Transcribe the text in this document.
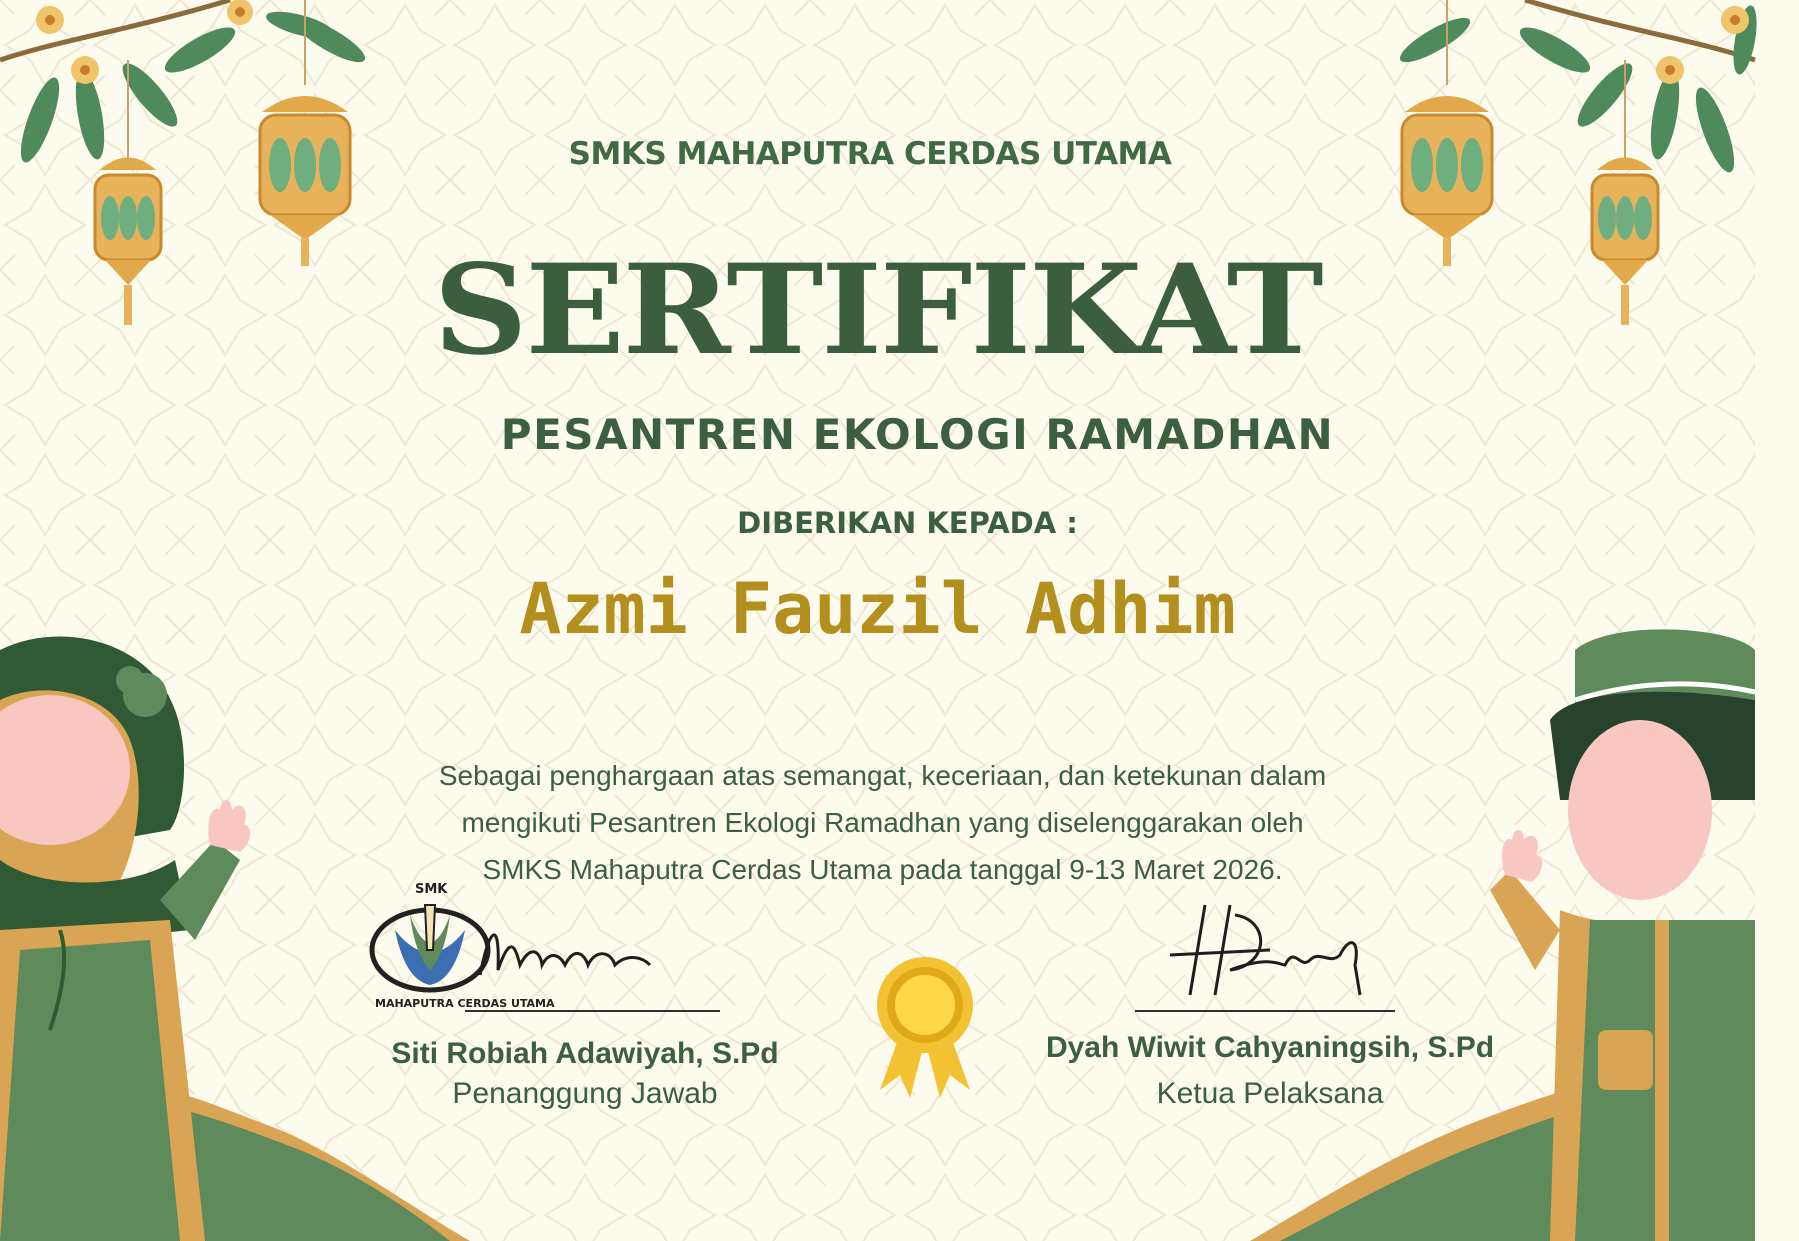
SMKS MAHAPUTRA CERDAS UTAMA
SERTIFIKAT
PESANTREN EKOLOGI RAMADHAN
DIBERIKAN KEPADA :
Azmi Fauzil Adhim
Sebagai penghargaan atas semangat, keceriaan, dan ketekunan dalam
mengikuti Pesantren Ekologi Ramadhan yang diselenggarakan oleh
SMKS Mahaputra Cerdas Utama pada tanggal 9-13 Maret 2026.
SMK
MAHAPUTRA CERDAS UTAMA
Siti Robiah Adawiyah, S.Pd
Penanggung Jawab
Dyah Wiwit Cahyaningsih, S.Pd
Ketua Pelaksana
